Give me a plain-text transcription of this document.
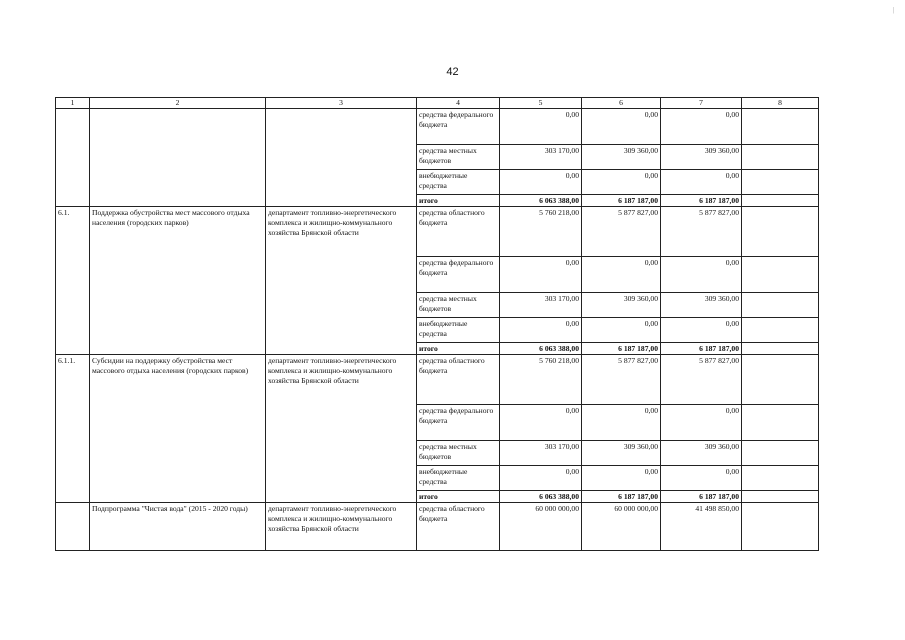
42
|
1	2	3	4	5	6	7	8
			средства федерального бюджета	0,00	0,00	0,00	
			средства местных бюджетов	303 170,00	309 360,00	309 360,00	
			внебюджетные средства	0,00	0,00	0,00	
			итого	6 063 388,00	6 187 187,00	6 187 187,00	
6.1.	Поддержка обустройства мест массового отдыха населения (городских парков)	департамент топливно-энергетического комплекса и жилищно-коммунального хозяйства Брянской области	средства областного бюджета	5 760 218,00	5 877 827,00	5 877 827,00	
			средства федерального бюджета	0,00	0,00	0,00	
			средства местных бюджетов	303 170,00	309 360,00	309 360,00	
			внебюджетные средства	0,00	0,00	0,00	
			итого	6 063 388,00	6 187 187,00	6 187 187,00	
6.1.1.	Субсидии на поддержку обустройства мест массового отдыха населения (городских парков)	департамент топливно-энергетического комплекса и жилищно-коммунального хозяйства Брянской области	средства областного бюджета	5 760 218,00	5 877 827,00	5 877 827,00	
			средства федерального бюджета	0,00	0,00	0,00	
			средства местных бюджетов	303 170,00	309 360,00	309 360,00	
			внебюджетные средства	0,00	0,00	0,00	
			итого	6 063 388,00	6 187 187,00	6 187 187,00	
	Подпрограмма "Чистая вода" (2015 - 2020 годы)	департамент топливно-энергетического комплекса и жилищно-коммунального хозяйства Брянской области	средства областного бюджета	60 000 000,00	60 000 000,00	41 498 850,00	
